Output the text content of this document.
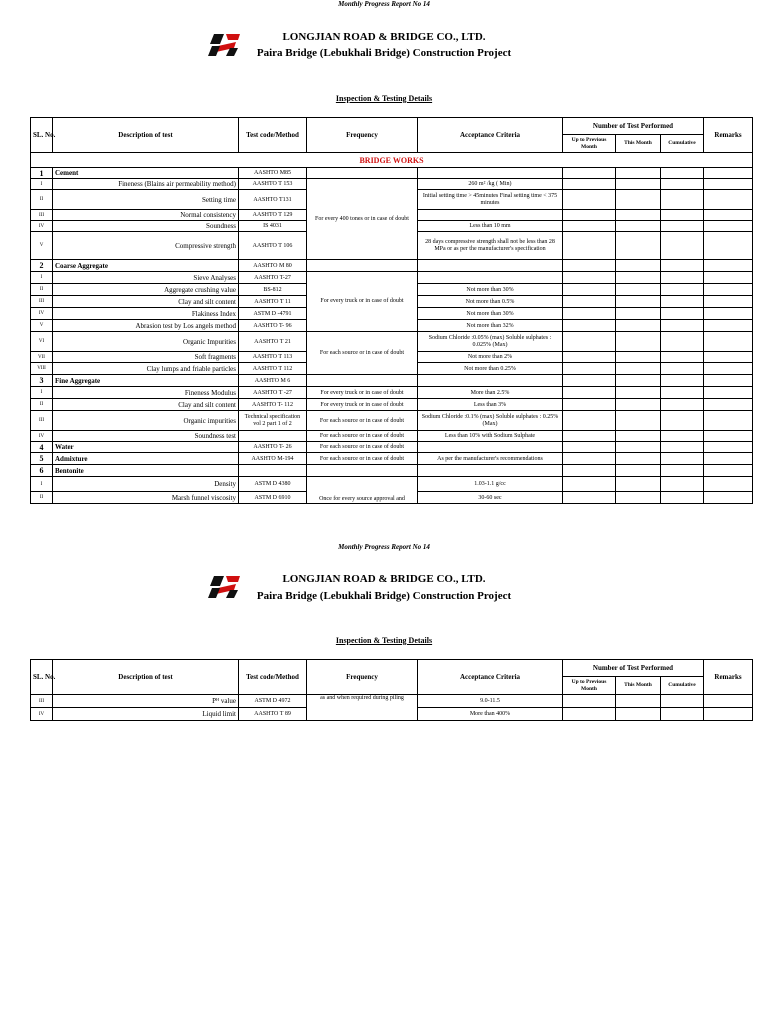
Monthly Progress Report No 14
LONGJIAN ROAD & BRIDGE CO., LTD.
Paira Bridge (Lebukhali Bridge) Construction Project
Inspection & Testing Details
SL. No.	Description of test	Test code/Method	Frequency	Acceptance Criteria	Number of Test Performed			Remarks
					Up to Previous Month	This Month	Cumulative	
BRIDGE WORKS								
1	Cement	AASHTO M85						
I	Fineness (Blains air permeability method)	AASHTO T 153	For every 400 tones or in case of doubt	260 m² /kg ( Min)				
II	Setting time	AASHTO T131		Initial setting time > 45minutes Final setting time < 375 minutes				
III	Normal consistency	AASHTO T 129						
IV	Soundness	IS 4031		Less than 10 mm				
V	Compressive strength	AASHTO T 106		28 days compressive strength shall not be less than 28 MPa or as per the manufacturer's specification				
2	Coarse Aggregate	AASHTO M 80						
I	Sieve Analyses	AASHTO T-27	For every truck or in case of doubt					
II	Aggregate crushing value	BS-812		Not more than 30%				
III	Clay and silt content	AASHTO T 11		Not more than 0.5%				
IV	Flakiness Index	ASTM D -4791		Not more than 30%				
V	Abrasion test by Los angels method	AASHTO T- 96		Not more than 32%				
VI	Organic Impurities	AASHTO T 21	For each source or in case of doubt	Sodium Chloride :0.05% (max) Soluble sulphates : 0.025% (Max)				
VII	Soft fragments	AASHTO T 113		Not more than 2%				
VIII	Clay lumps and friable particles	AASHTO T 112		Not more than 0.25%				
3	Fine Aggregate	AASHTO M 6						
I	Fineness Modulus	AASHTO T -27	For every truck or in case of doubt	More than 2.5%				
II	Clay and silt content	AASHTO T- 112	For every truck or in case of doubt	Less than 3%				
III	Organic impurities	Technical specification vol 2 part 1 of 2	For each source or in case of doubt	Sodium Chloride :0.1% (max) Soluble sulphates : 0.25% (Max)				
IV	Soundness test		For each source or in case of doubt	Less than 10% with Sodium Sulphate				
4	Water	AASHTO T- 26	For each source or in case of doubt					
5	Admixture	AASHTO M-194	For each source or in case of doubt	As per the manufacturer's recommendations				
6	Bentonite							
I	Density	ASTM D 4380	Once for every source approval and	1.03-1.1 g/cc				
II	Marsh funnel viscosity	ASTM D 6910		30-60 sec				
Monthly Progress Report No 14
LONGJIAN ROAD & BRIDGE CO., LTD.
Paira Bridge (Lebukhali Bridge) Construction Project
Inspection & Testing Details
SL. No.	Description of test	Test code/Method	Frequency	Acceptance Criteria	Number of Test Performed			Remarks
					Up to Previous Month	This Month	Cumulative	
III	Pᴴ value	ASTM D 4972	as and when required during piling	9.0-11.5				
IV	Liquid limit	AASHTO T 89		More than 400%				
